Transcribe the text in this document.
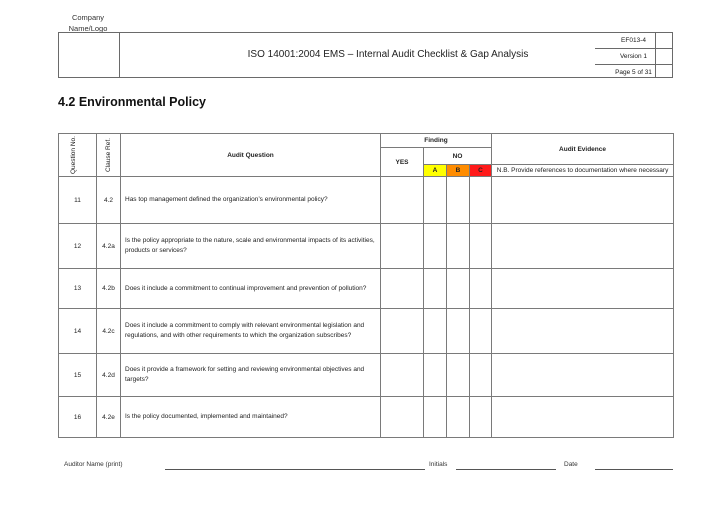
Company
Name/Logo
EF013-4
Version 1
Page 5 of 31
ISO 14001:2004 EMS – Internal Audit Checklist & Gap Analysis
4.2 Environmental Policy
Question No.	Clause Ref.	Audit Question	Finding				Audit Evidence
			YES	NO			
				A	B	C	N.B. Provide references to documentation where necessary
11	4.2	Has top management defined the organization’s environmental policy?					
12	4.2a	Is the policy appropriate to the nature, scale and environmental impacts of its activities, products or services?					
13	4.2b	Does it include a commitment to continual improvement and prevention of pollution?					
14	4.2c	Does it include a commitment to comply with relevant environmental legislation and regulations, and with other requirements to which the organization subscribes?					
15	4.2d	Does it provide a framework for setting and reviewing environmental objectives and targets?					
16	4.2e	Is the policy documented, implemented and maintained?					
Auditor Name (print)	Initials	Date
